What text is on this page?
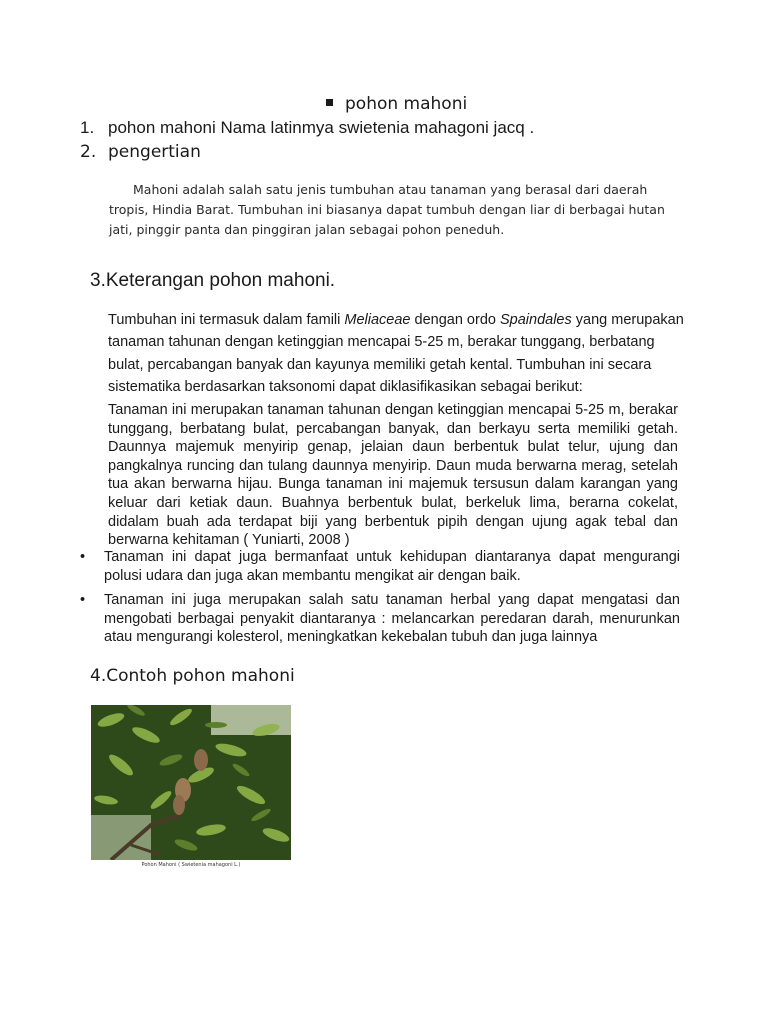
pohon mahoni
1. pohon mahoni Nama latinmya swietenia mahagoni jacq .
2. pengertian
Mahoni adalah salah satu jenis tumbuhan atau tanaman yang berasal dari daerah tropis, Hindia Barat. Tumbuhan ini biasanya dapat tumbuh dengan liar di berbagai hutan jati, pinggir panta dan pinggiran jalan sebagai pohon peneduh.
3.Keterangan pohon mahoni.
Tumbuhan ini termasuk dalam famili Meliaceae dengan ordo Spaindales yang merupakan tanaman tahunan dengan ketinggian mencapai 5-25 m, berakar tunggang, berbatang bulat, percabangan banyak dan kayunya memiliki getah kental. Tumbuhan ini secara sistematika berdasarkan taksonomi dapat diklasifikasikan sebagai berikut:
Tanaman ini merupakan tanaman tahunan dengan ketinggian mencapai 5-25 m, berakar tunggang, berbatang bulat, percabangan banyak, dan berkayu serta memiliki getah. Daunnya majemuk menyirip genap, jelaian daun berbentuk bulat telur, ujung dan pangkalnya runcing dan tulang daunnya menyirip. Daun muda berwarna merag, setelah tua akan berwarna hijau. Bunga tanaman ini majemuk tersusun dalam karangan yang keluar dari ketiak daun. Buahnya berbentuk bulat, berkeluk lima, berarna cokelat, didalam buah ada terdapat biji yang berbentuk pipih dengan ujung agak tebal dan berwarna kehitaman ( Yuniarti, 2008 )
• Tanaman ini dapat juga bermanfaat untuk kehidupan diantaranya dapat mengurangi polusi udara dan juga akan membantu mengikat air dengan baik.
• Tanaman ini juga merupakan salah satu tanaman herbal yang dapat mengatasi dan mengobati berbagai penyakit diantaranya : melancarkan peredaran darah, menurunkan atau mengurangi kolesterol, meningkatkan kekebalan tubuh dan juga lainnya
4.Contoh pohon mahoni
Pohon Mahoni ( Swietenia mahagoni L.)
